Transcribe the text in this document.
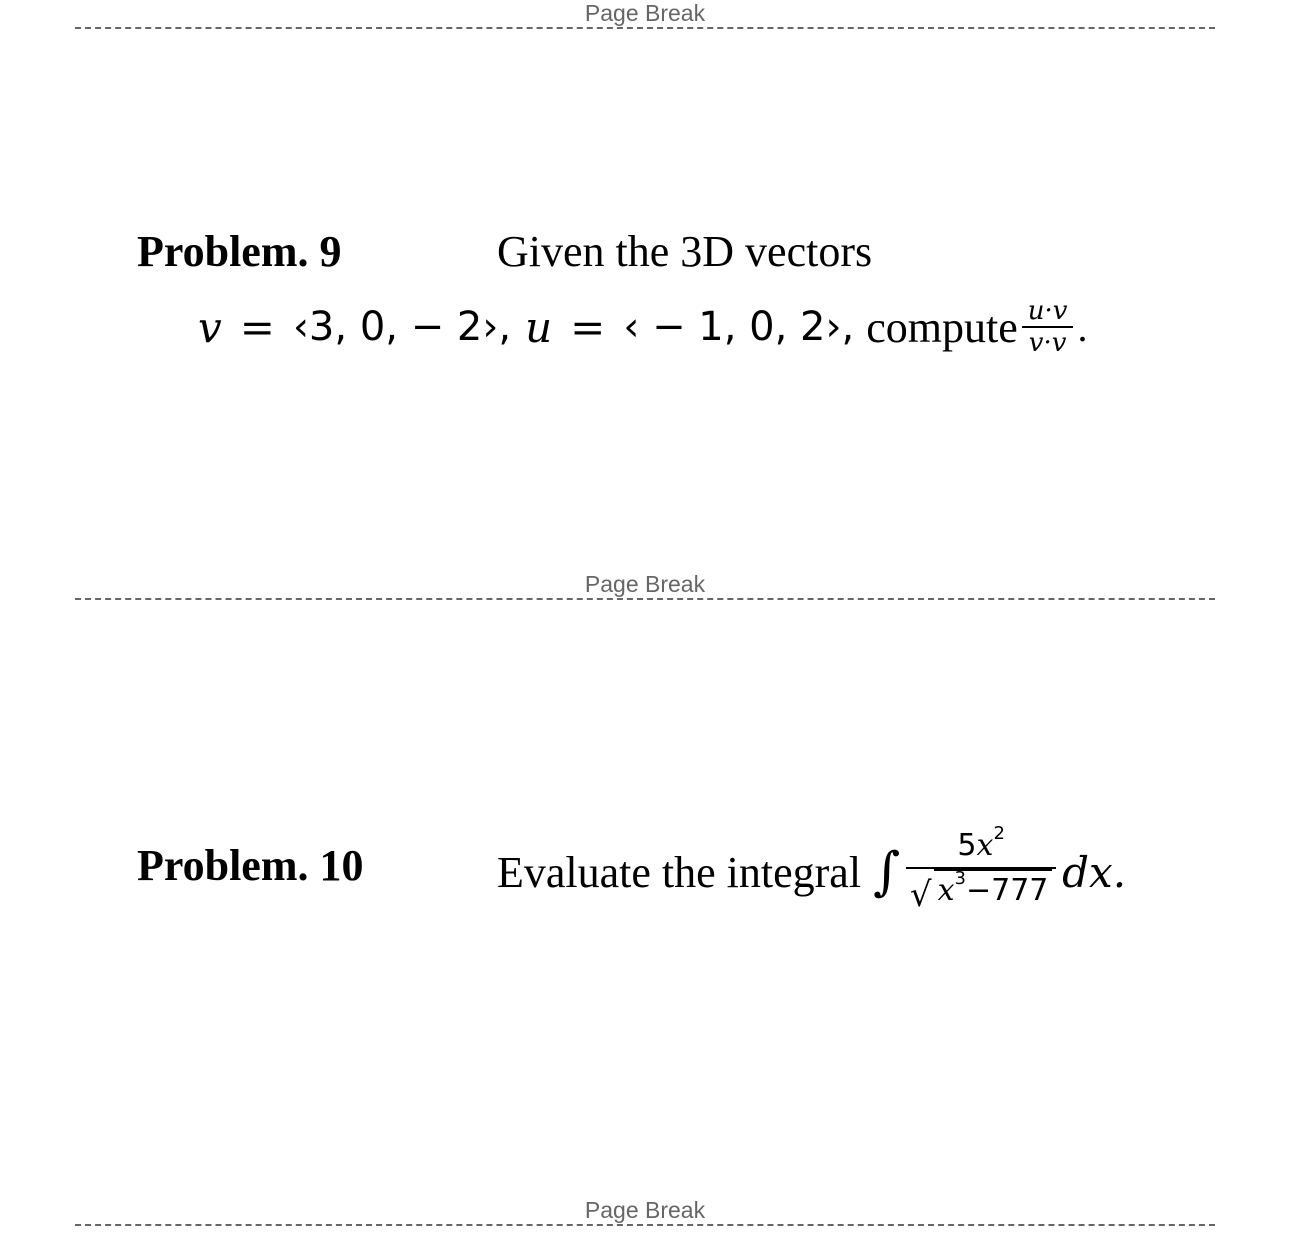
Page Break
Page Break
Page Break
Problem. 9	Given the 3D vectors
v = ‹3, 0, − 2›, u = ‹ − 1, 0, 2›, compute $\frac{u\cdot v}{v\cdot v}$ .
Problem. 10	Evaluate the integral ∫ $\frac{5x^2}{√ x^3-777}$ dx.
